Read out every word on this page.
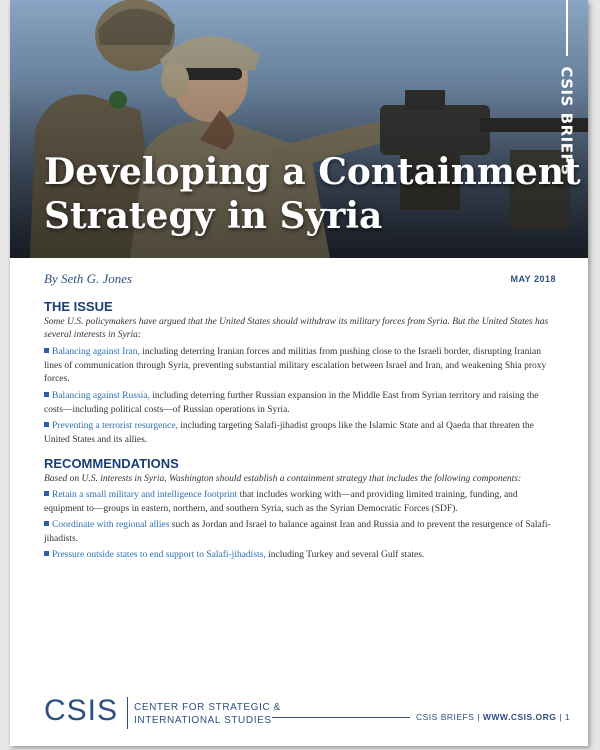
CSIS BRIEFS
Developing a Containment
Strategy in Syria
By Seth G. Jones	MAY 2018
THE ISSUE
Some U.S. policymakers have argued that the United States should withdraw its military forces from Syria. But the United States has several interests in Syria:
Balancing against Iran, including deterring Iranian forces and militias from pushing close to the Israeli border, disrupting Iranian lines of communication through Syria, preventing substantial military escalation between Israel and Iran, and weakening Shia proxy forces.
Balancing against Russia, including deterring further Russian expansion in the Middle East from Syrian territory and raising the costs—including political costs—of Russian operations in Syria.
Preventing a terrorist resurgence, including targeting Salafi-jihadist groups like the Islamic State and al Qaeda that threaten the United States and its allies.
RECOMMENDATIONS
Based on U.S. interests in Syria, Washington should establish a containment strategy that includes the following components:
Retain a small military and intelligence footprint that includes working with—and providing limited training, funding, and equipment to—groups in eastern, northern, and southern Syria, such as the Syrian Democratic Forces (SDF).
Coordinate with regional allies such as Jordan and Israel to balance against Iran and Russia and to prevent the resurgence of Salafi-jihadists.
Pressure outside states to end support to Salafi-jihadists, including Turkey and several Gulf states.
CSIS CENTER FOR STRATEGIC &
INTERNATIONAL STUDIES	CSIS BRIEFS | WWW.CSIS.ORG | 1
